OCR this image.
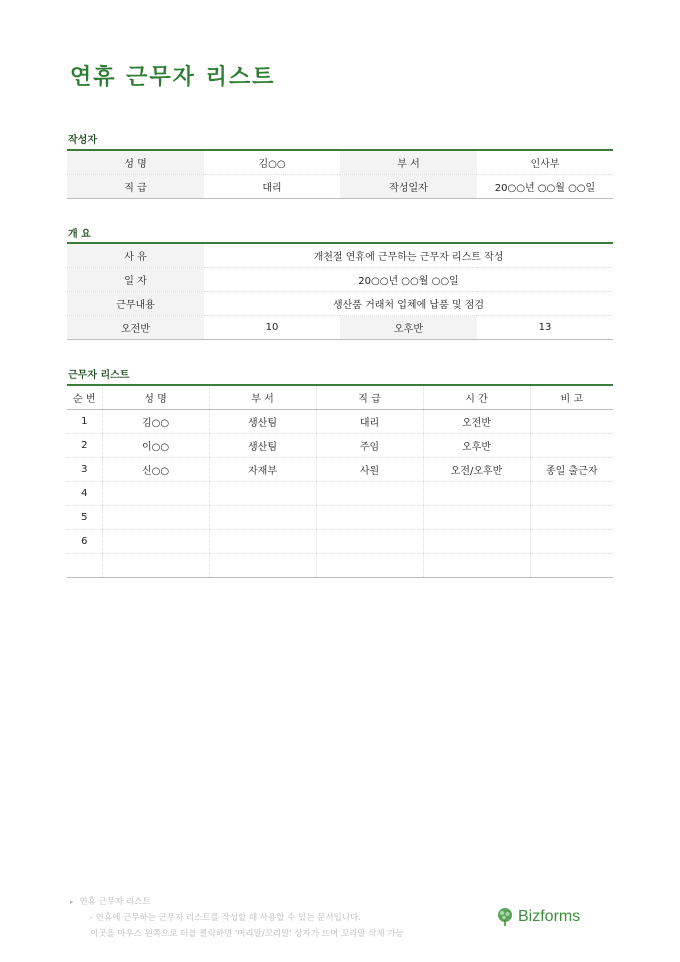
연휴 근무자 리스트
작성자
성 명	김○○	부 서	인사부
직 급	대리	작성일자	20○○년 ○○월 ○○일
개 요
사 유	개천절 연휴에 근무하는 근무자 리스트 작성		
일 자	20○○년 ○○월 ○○일		
근무내용	생산품 거래처 업체에 납품 및 점검		
오전반	10	오후반	13
근무자 리스트
순 번	성 명	부 서	직 급	시 간	비 고
1	김○○	생산팀	대리	오전반	
2	이○○	생산팀	주임	오후반	
3	신○○	자재부	사원	오전/오후반	종일 출근자
4					
5					
6					

▸ 연휴 근무자 리스트
- 연휴에 근무하는 근무자 리스트를 작성할 때 사용할 수 있는 문서입니다.
이곳을 마우스 왼쪽으로 더블 클릭하면 '머리말/꼬리말' 상자가 뜨며 꼬리말 삭제 가능
Bizforms
